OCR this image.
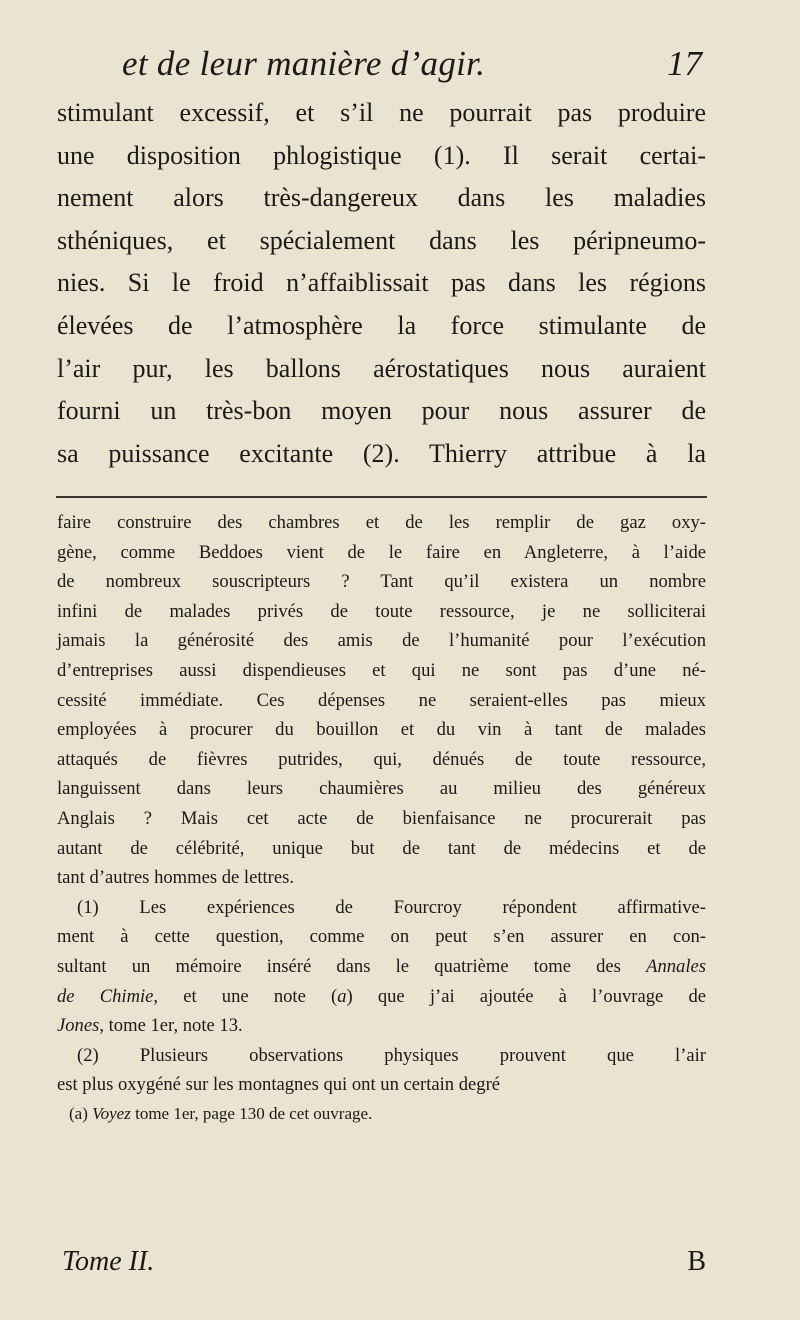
et de leur manière d’agir.	17
stimulant excessif, et s’il ne pourrait pas produire
une disposition phlogistique (1). Il serait certai-
nement alors très-dangereux dans les maladies
sthéniques, et spécialement dans les péripneumo-
nies. Si le froid n’affaiblissait pas dans les régions
élevées de l’atmosphère la force stimulante de
l’air pur, les ballons aérostatiques nous auraient
fourni un très-bon moyen pour nous assurer de
sa puissance excitante (2). Thierry attribue à la
faire construire des chambres et de les remplir de gaz oxy-
gène, comme Beddoes vient de le faire en Angleterre, à l’aide
de nombreux souscripteurs ? Tant qu’il existera un nombre
infini de malades privés de toute ressource, je ne solliciterai
jamais la générosité des amis de l’humanité pour l’exécution
d’entreprises aussi dispendieuses et qui ne sont pas d’une né-
cessité immédiate. Ces dépenses ne seraient-elles pas mieux
employées à procurer du bouillon et du vin à tant de malades
attaqués de fièvres putrides, qui, dénués de toute ressource,
languissent dans leurs chaumières au milieu des généreux
Anglais ? Mais cet acte de bienfaisance ne procurerait pas
autant de célébrité, unique but de tant de médecins et de
tant d’autres hommes de lettres.
(1) Les expériences de Fourcroy répondent affirmative-
ment à cette question, comme on peut s’en assurer en con-
sultant un mémoire inséré dans le quatrième tome des Annales
de Chimie, et une note (a) que j’ai ajoutée à l’ouvrage de
Jones, tome 1er, note 13.
(2) Plusieurs observations physiques prouvent que l’air
est plus oxygéné sur les montagnes qui ont un certain degré
(a) Voyez tome 1er, page 130 de cet ouvrage.
Tome II.	B
